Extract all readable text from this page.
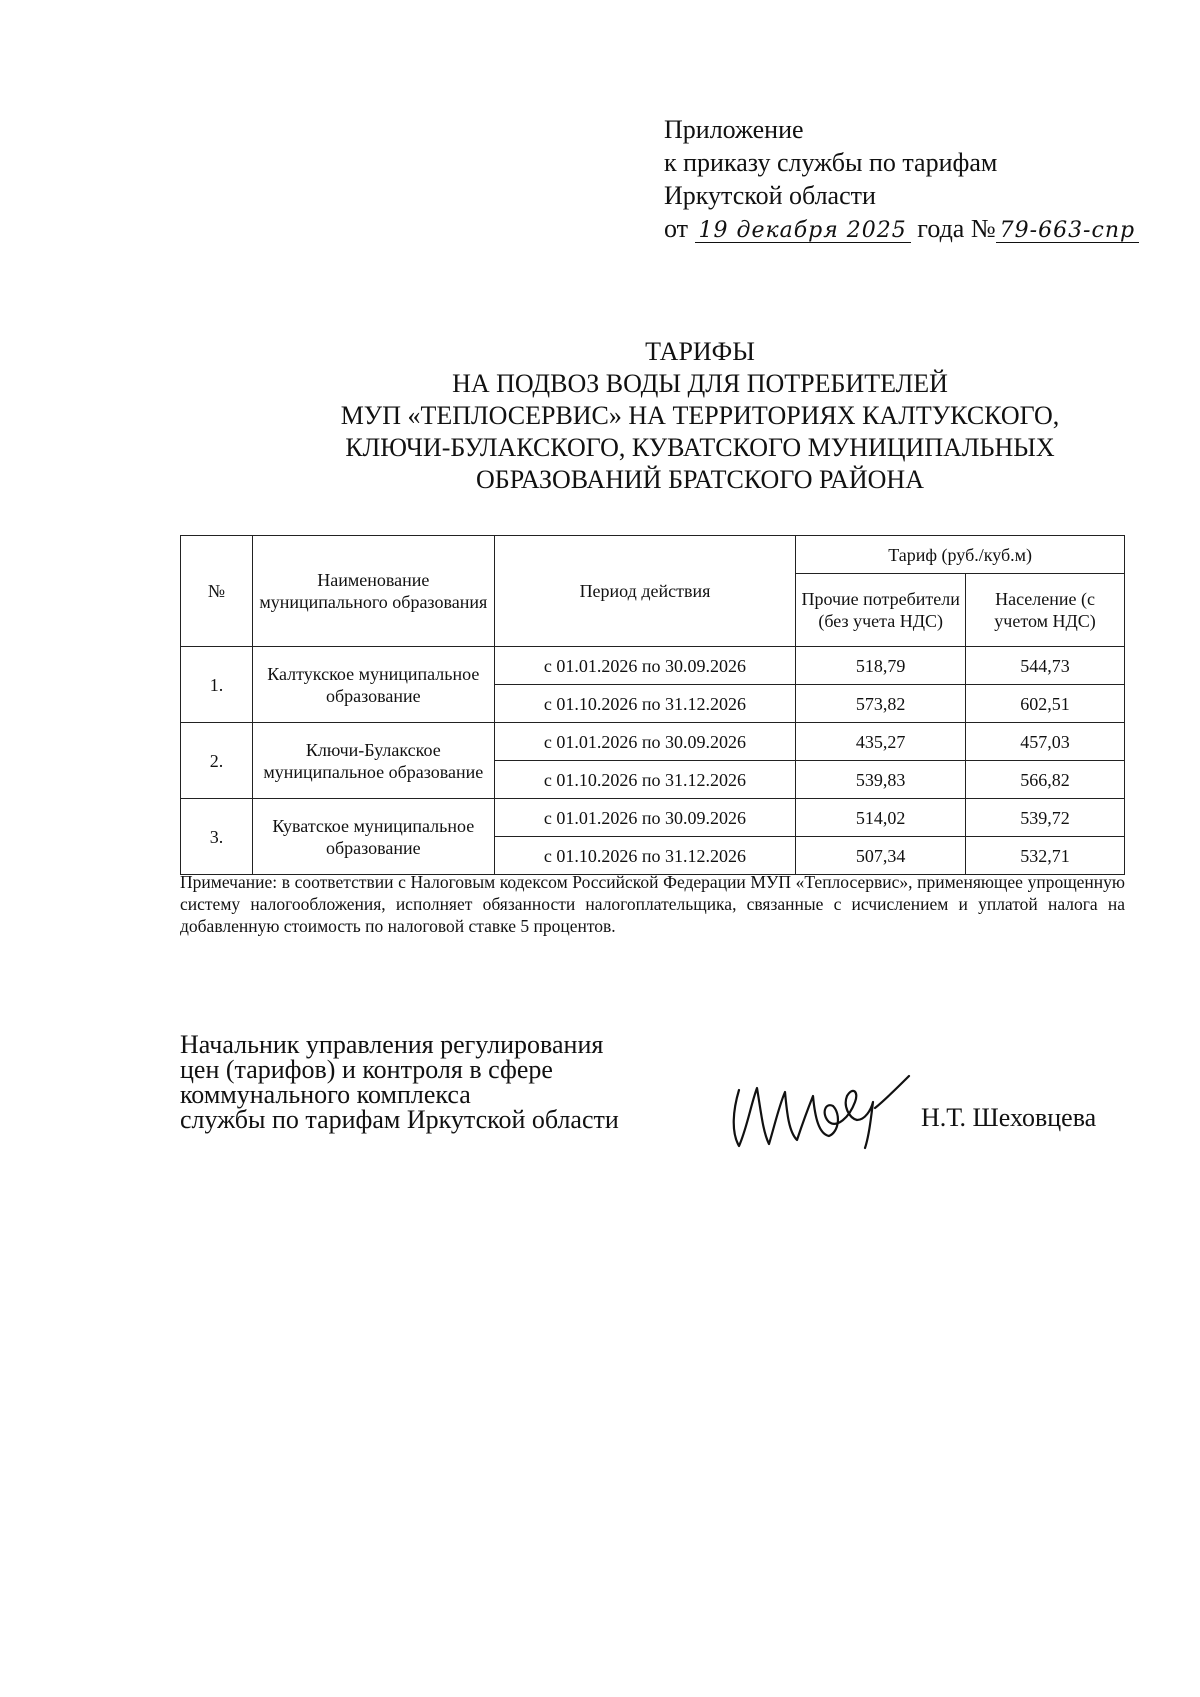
Приложение
к приказу службы по тарифам
Иркутской области
от 19 декабря 2025 года № 79-663-спр
ТАРИФЫ
НА ПОДВОЗ ВОДЫ ДЛЯ ПОТРЕБИТЕЛЕЙ
МУП «ТЕПЛОСЕРВИС» НА ТЕРРИТОРИЯХ КАЛТУКСКОГО,
КЛЮЧИ-БУЛАКСКОГО, КУВАТСКОГО МУНИЦИПАЛЬНЫХ
ОБРАЗОВАНИЙ БРАТСКОГО РАЙОНА
№	Наименование муниципального образования	Период действия	Тариф (руб./куб.м)	
			Прочие потребители (без учета НДС)	Население (с учетом НДС)
1.	Калтукское муниципальное образование	с 01.01.2026 по 30.09.2026	518,79	544,73
		с 01.10.2026 по 31.12.2026	573,82	602,51
2.	Ключи-Булакское муниципальное образование	с 01.01.2026 по 30.09.2026	435,27	457,03
		с 01.10.2026 по 31.12.2026	539,83	566,82
3.	Куватское муниципальное образование	с 01.01.2026 по 30.09.2026	514,02	539,72
		с 01.10.2026 по 31.12.2026	507,34	532,71
Примечание: в соответствии с Налоговым кодексом Российской Федерации МУП «Теплосервис», применяющее упрощенную систему налогообложения, исполняет обязанности налогоплательщика, связанные с исчислением и уплатой налога на добавленную стоимость по налоговой ставке 5 процентов.
Начальник управления регулирования
цен (тарифов) и контроля в сфере
коммунального комплекса
службы по тарифам Иркутской области	Н.Т. Шеховцева
